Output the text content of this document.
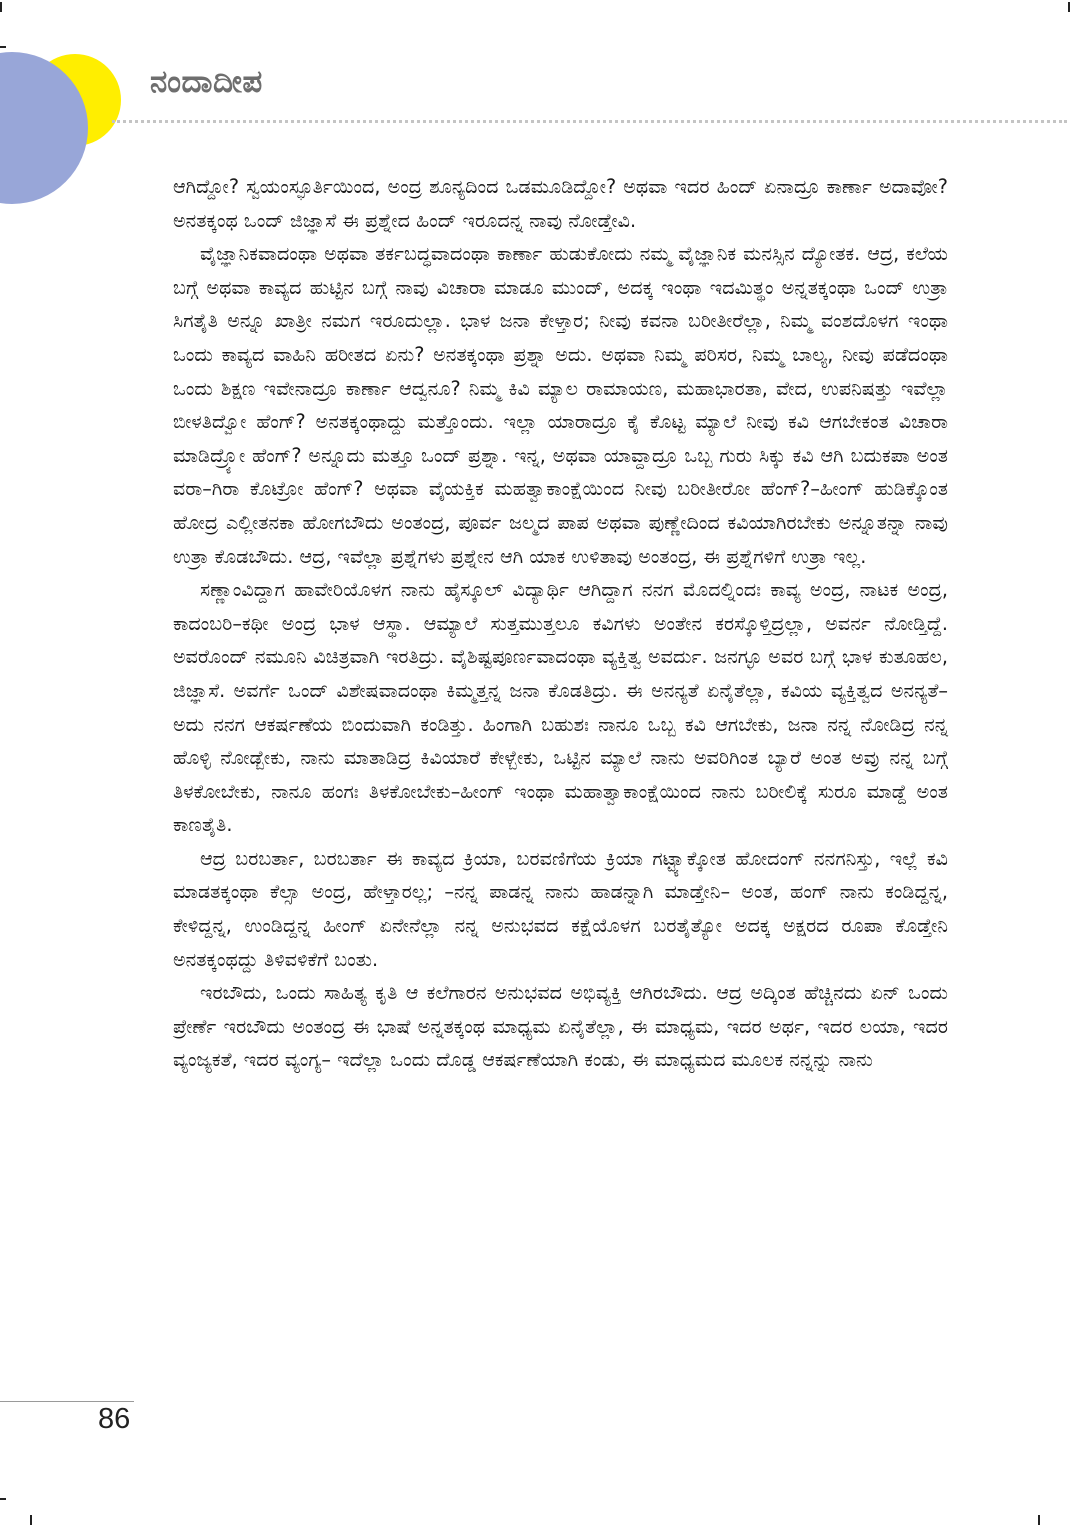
ನಂದಾದೀಪ

ಆಗಿದ್ದೋ? ಸ್ವಯಂಸ್ಫೂರ್ತಿಯಿಂದ, ಅಂದ್ರ ಶೂನ್ಯದಿಂದ ಒಡಮೂಡಿದ್ದೋ? ಅಥವಾ ಇದರ ಹಿಂದ್ ಏನಾದ್ರೂ ಕಾರ್ಣಾ ಅದಾವೋ? ಅನತಕ್ಕಂಥ ಒಂದ್ ಜಿಜ್ಞಾಸೆ ಈ ಪ್ರಶ್ನೇದ ಹಿಂದ್ ಇರೂದನ್ನ ನಾವು ನೋಡ್ತೇವಿ.

ವೈಜ್ಞಾನಿಕವಾದಂಥಾ ಅಥವಾ ತರ್ಕಬದ್ಧವಾದಂಥಾ ಕಾರ್ಣಾ ಹುಡುಕೋದು ನಮ್ಮ ವೈಜ್ಞಾನಿಕ ಮನಸ್ಸಿನ ದ್ಯೋತಕ. ಆದ್ರ, ಕಲೆಯ ಬಗ್ಗೆ ಅಥವಾ ಕಾವ್ಯದ ಹುಟ್ಟಿನ ಬಗ್ಗೆ ನಾವು ವಿಚಾರಾ ಮಾಡೂ ಮುಂದ್, ಅದಕ್ಕ ಇಂಥಾ ಇದಮಿತ್ಥಂ ಅನ್ನತಕ್ಕಂಥಾ ಒಂದ್ ಉತ್ರಾ ಸಿಗತೈತಿ ಅನ್ನೂ ಖಾತ್ರೀ ನಮಗ ಇರೂದುಲ್ಲಾ. ಭಾಳ ಜನಾ ಕೇಳ್ತಾರ; ನೀವು ಕವನಾ ಬರೀತೀರೆಲ್ಲಾ, ನಿಮ್ಮ ವಂಶದೊಳಗ ಇಂಥಾ ಒಂದು ಕಾವ್ಯದ ವಾಹಿನಿ ಹರೀತದ ಏನು? ಅನತಕ್ಕಂಥಾ ಪ್ರಶ್ನಾ ಅದು. ಅಥವಾ ನಿಮ್ಮ ಪರಿಸರ, ನಿಮ್ಮ ಬಾಲ್ಯ, ನೀವು ಪಡೆದಂಥಾ ಒಂದು ಶಿಕ್ಷಣ ಇವೇನಾದ್ರೂ ಕಾರ್ಣಾ ಆದ್ವನೂ? ನಿಮ್ಮ ಕಿವಿ ಮ್ಯಾಲ ರಾಮಾಯಣ, ಮಹಾಭಾರತಾ, ವೇದ, ಉಪನಿಷತ್ತು ಇವೆಲ್ಲಾ ಬೀಳತಿದ್ವೋ ಹೆಂಗ್? ಅನತಕ್ಕಂಥಾದ್ದು ಮತ್ತೊಂದು. ಇಲ್ಲಾ ಯಾರಾದ್ರೂ ಕೈ ಕೊಟ್ಟ ಮ್ಯಾಲೆ ನೀವು ಕವಿ ಆಗಬೇಕಂತ ವಿಚಾರಾ ಮಾಡಿದ್ರ್ಯೋ ಹೆಂಗ್? ಅನ್ನೂದು ಮತ್ತೂ ಒಂದ್ ಪ್ರಶ್ನಾ. ಇನ್ನ, ಅಥವಾ ಯಾವ್ದಾದ್ರೂ ಒಬ್ಬ ಗುರು ಸಿಕ್ಕು ಕವಿ ಆಗಿ ಬದುಕಪಾ ಅಂತ ವರಾ–ಗಿರಾ ಕೊಟ್ರೋ ಹೆಂಗ್? ಅಥವಾ ವೈಯಕ್ತಿಕ ಮಹತ್ವಾಕಾಂಕ್ಷೆಯಿಂದ ನೀವು ಬರೀತೀರೋ ಹೆಂಗ್?–ಹೀಂಗ್ ಹುಡಿಕ್ಕೊಂತ ಹೋದ್ರ ಎಲ್ಲೀತನಕಾ ಹೋಗಬೌದು ಅಂತಂದ್ರ, ಪೂರ್ವ ಜಲ್ಮದ ಪಾಪ ಅಥವಾ ಪುಣ್ಣೇದಿಂದ ಕವಿಯಾಗಿರಬೇಕು ಅನ್ನೂತನ್ನಾ ನಾವು ಉತ್ರಾ ಕೊಡಬೌದು. ಆದ್ರ, ಇವೆಲ್ಲಾ ಪ್ರಶ್ನೆಗಳು ಪ್ರಶ್ನೇನ ಆಗಿ ಯಾಕ ಉಳಿತಾವು ಅಂತಂದ್ರ, ಈ ಪ್ರಶ್ನೆಗಳಿಗೆ ಉತ್ರಾ ಇಲ್ಲ.

ಸಣ್ಣಾಂವಿದ್ದಾಗ ಹಾವೇರಿಯೊಳಗ ನಾನು ಹೈಸ್ಕೂಲ್ ವಿದ್ಯಾರ್ಥಿ ಆಗಿದ್ದಾಗ ನನಗ ಮೊದಲ್ನಿಂದಃ ಕಾವ್ಯ ಅಂದ್ರ, ನಾಟಕ ಅಂದ್ರ, ಕಾದಂಬರಿ–ಕಥೀ ಅಂದ್ರ ಭಾಳ ಆಸ್ಥಾ. ಆಮ್ಯಾಲೆ ಸುತ್ತಮುತ್ತಲೂ ಕವಿಗಳು ಅಂತೇನ ಕರಸ್ಕೊಳ್ತಿದ್ರಲ್ಲಾ, ಅವರ್ನ ನೋಡ್ತಿದ್ದೆ. ಅವರೊಂದ್ ನಮೂನಿ ವಿಚಿತ್ರವಾಗಿ ಇರತಿದ್ರು. ವೈಶಿಷ್ಟಪೂರ್ಣವಾದಂಥಾ ವ್ಯಕ್ತಿತ್ವ ಅವರ್ದು. ಜನಗ್ಳೂ ಅವರ ಬಗ್ಗೆ ಭಾಳ ಕುತೂಹಲ, ಜಿಜ್ಞಾಸೆ. ಅವರ್ಗೆ ಒಂದ್ ವಿಶೇಷವಾದಂಥಾ ಕಿಮ್ಮತ್ತನ್ನ ಜನಾ ಕೊಡತಿದ್ರು. ಈ ಅನನ್ಯತೆ ಏನೈತೆಲ್ಲಾ, ಕವಿಯ ವ್ಯಕ್ತಿತ್ವದ ಅನನ್ಯತೆ–ಅದು ನನಗ ಆಕರ್ಷಣೆಯ ಬಿಂದುವಾಗಿ ಕಂಡಿತ್ತು. ಹಿಂಗಾಗಿ ಬಹುಶಃ ನಾನೂ ಒಬ್ಬ ಕವಿ ಆಗಬೇಕು, ಜನಾ ನನ್ನ ನೋಡಿದ್ರ ನನ್ನ ಹೊಳ್ಳಿ ನೋಡ್ಬೇಕು, ನಾನು ಮಾತಾಡಿದ್ರ ಕಿವಿಯಾರೆ ಕೇಳ್ಬೇಕು, ಒಟ್ಟಿನ ಮ್ಯಾಲೆ ನಾನು ಅವರಿಗಿಂತ ಬ್ಯಾರೆ ಅಂತ ಅವ್ರು ನನ್ನ ಬಗ್ಗೆ ತಿಳಕೋಬೇಕು, ನಾನೂ ಹಂಗಃ ತಿಳಕೋಬೇಕು–ಹೀಂಗ್ ಇಂಥಾ ಮಹಾತ್ವಾಕಾಂಕ್ಷೆಯಿಂದ ನಾನು ಬರೀಲಿಕ್ಕೆ ಸುರೂ ಮಾಡ್ದೆ ಅಂತ ಕಾಣತೈತಿ.

ಆದ್ರ ಬರಬರ್ತಾ, ಬರಬರ್ತಾ ಈ ಕಾವ್ಯದ ಕ್ರಿಯಾ, ಬರವಣಿಗೆಯ ಕ್ರಿಯಾ ಗಟ್ಟ್ಯಾಕ್ಕೋತ ಹೋದಂಗ್ ನನಗನಿಸ್ತು, ಇಲ್ಲೆ ಕವಿ ಮಾಡತಕ್ಕಂಥಾ ಕೆಲ್ಸಾ ಅಂದ್ರ, ಹೇಳ್ತಾರಲ್ಲ; –ನನ್ನ ಪಾಡನ್ನ ನಾನು ಹಾಡನ್ನಾಗಿ ಮಾಡ್ತೇನಿ– ಅಂತ, ಹಂಗ್ ನಾನು ಕಂಡಿದ್ದನ್ನ, ಕೇಳಿದ್ದನ್ನ, ಉಂಡಿದ್ದನ್ನ ಹೀಂಗ್ ಏನೇನೆಲ್ಲಾ ನನ್ನ ಅನುಭವದ ಕಕ್ಷೆಯೊಳಗ ಬರತೈತ್ಯೋ ಅದಕ್ಕ ಅಕ್ಷರದ ರೂಪಾ ಕೊಡ್ತೇನಿ ಅನತಕ್ಕಂಥದ್ದು ತಿಳಿವಳಿಕೆಗೆ ಬಂತು.

ಇರಬೌದು, ಒಂದು ಸಾಹಿತ್ಯ ಕೃತಿ ಆ ಕಲೆಗಾರನ ಅನುಭವದ ಅಭಿವ್ಯಕ್ತಿ ಆಗಿರಬೌದು. ಆದ್ರ ಅದ್ಕಿಂತ ಹೆಚ್ಚಿನದು ಏನ್ ಒಂದು ಪ್ರೇರ್ಣೆ ಇರಬೌದು ಅಂತಂದ್ರ ಈ ಭಾಷೆ ಅನ್ನತಕ್ಕಂಥ ಮಾಧ್ಯಮ ಏನೈತೆಲ್ಲಾ, ಈ ಮಾಧ್ಯಮ, ಇದರ ಅರ್ಥ, ಇದರ ಲಯಾ, ಇದರ ವ್ಯಂಜ್ಯಕತೆ, ಇದರ ವ್ಯಂಗ್ಯ– ಇದೆಲ್ಲಾ ಒಂದು ದೊಡ್ಡ ಆಕರ್ಷಣೆಯಾಗಿ ಕಂಡು, ಈ ಮಾಧ್ಯಮದ ಮೂಲಕ ನನ್ನನ್ನು ನಾನು

86
